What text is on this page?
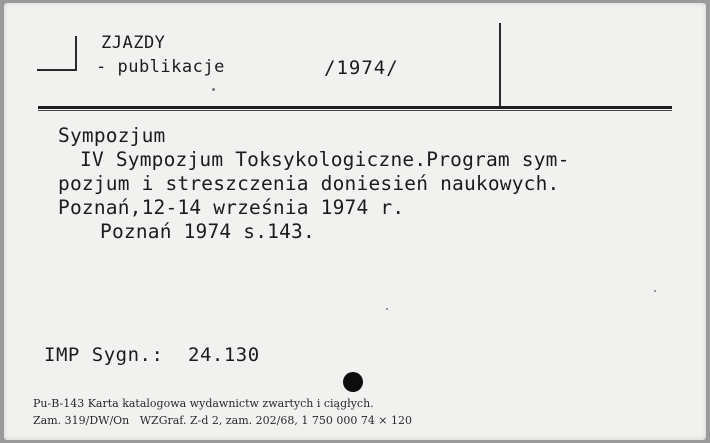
ZJAZDY
- publikacje	/1974/
Sympozjum
IV Sympozjum Toksykologiczne.Program sym-
pozjum i streszczenia doniesień naukowych.
Poznań,12-14 września 1974 r.
Poznań 1974 s.143.
IMP Sygn.: 24.130
Pu-B-143 Karta katalogowa wydawnictw zwartych i ciągłych.
Zam. 319/DW/On   WZGraf. Z-d 2, zam. 202/68, 1 750 000 74 × 120
